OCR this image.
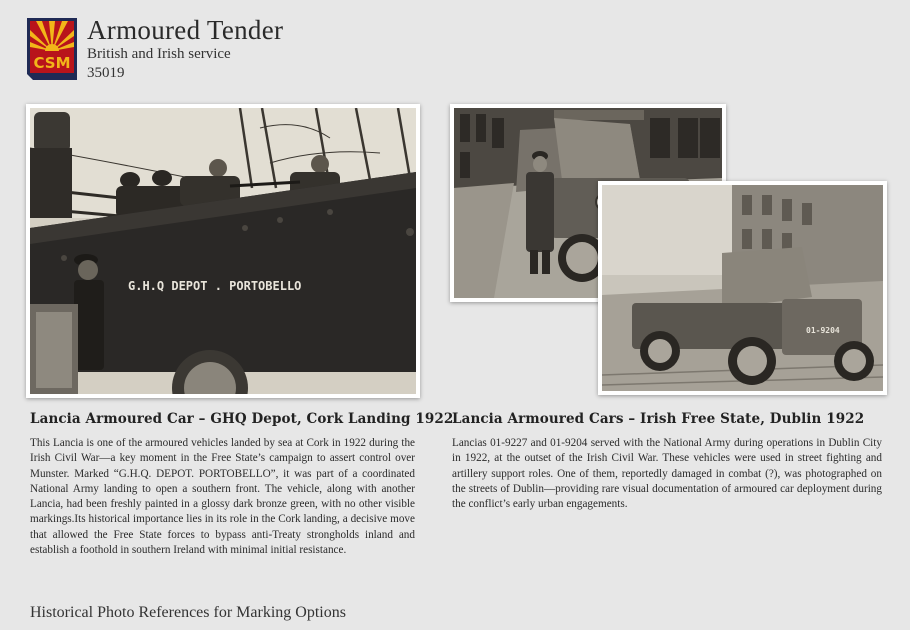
CSM
Armoured Tender
British and Irish service
35019
G.H.Q DEPOT . PORTOBELLO
01-9204
Lancia Armoured Car – GHQ Depot, Cork Landing 1922

This Lancia is one of the armoured vehicles landed by sea at Cork in 1922 during the Irish Civil War—a key moment in the Free State’s campaign to assert control over Munster. Marked “G.H.Q. DEPOT. PORTOBELLO”, it was part of a coordinated National Army landing to open a southern front. The vehicle, along with another Lancia, had been freshly painted in a glossy dark bronze green, with no other visible markings.Its historical importance lies in its role in the Cork landing, a decisive move that allowed the Free State forces to bypass anti-Treaty strongholds inland and establish a foothold in southern Ireland with minimal initial resistance.

Lancia Armoured Cars – Irish Free State, Dublin 1922

Lancias 01-9227 and 01-9204 served with the National Army during operations in Dublin City in 1922, at the outset of the Irish Civil War. These vehicles were used in street fighting and artillery support roles. One of them, reportedly damaged in combat (?), was photographed on the streets of Dublin—providing rare visual documentation of armoured car deployment during the conflict’s early urban engagements.

Historical Photo References for Marking Options
